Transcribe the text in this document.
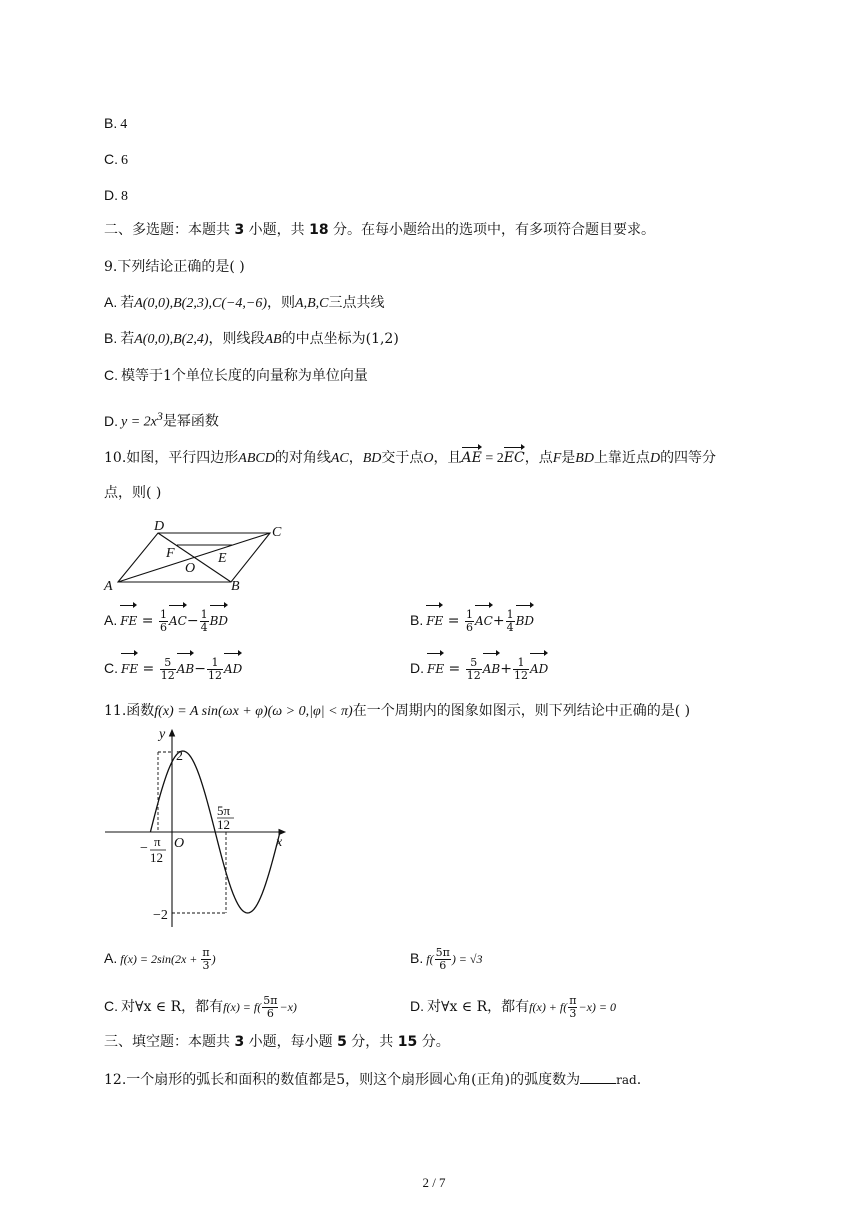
B. 4
C. 6
D. 8
二、多选题：本题共 3 小题，共 18 分。在每小题给出的选项中，有多项符合题目要求。
9.下列结论正确的是( )
A. 若A(0,0),B(2,3),C(−4,−6)，则A,B,C三点共线
B. 若A(0,0),B(2,4)，则线段AB的中点坐标为(1,2)
C. 模等于1个单位长度的向量称为单位向量
D. $y = 2x^3$是幂函数
10.如图，平行四边形ABCD的对角线AC，BD交于点O，且AE = 2EC，点F是BD上靠近点D的四等分
点，则( )
A	B
C
D
E
F
O
A. FE = $\frac{1}{6} AC- \frac{1}{4}$ BD	B. FE = $\frac{1}{6} AC+ \frac{1}{4}$ BD
C. FE = $\frac{5}{12} AB- \frac{1}{12}$ AD	D. FE = $\frac{5}{12} AB+ \frac{1}{12}$ AD
11.函数f(x) = A sin(ωx + φ)(ω > 0,|φ| < π)在一个周期内的图象如图示，则下列结论中正确的是( )
y
x
O
2
−2
− π
12
5π
12
A. $f(x) = 2\sin(2x + \frac{\pi}{3}$ )	B. $f( \frac{5\pi}{6}$ ) = √3
C. 对∀x ∈ R，都有$f(x) = f( \frac{5\pi}{6} -x)$	D. 对∀x ∈ R，都有$f(x) + f( \frac{\pi}{3} -x) = 0$
三、填空题：本题共 3 小题，每小题 5 分，共 15 分。
12.一个扇形的弧长和面积的数值都是5，则这个扇形圆心角(正角)的弧度数为	rad.
2 / 7
